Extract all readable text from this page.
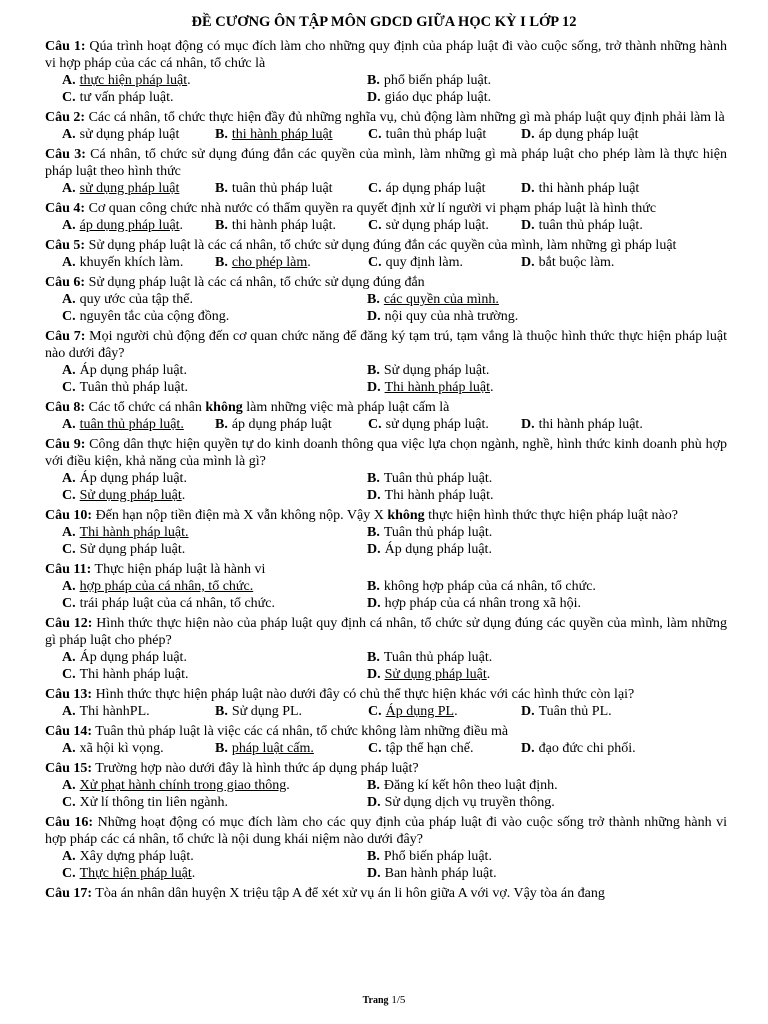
ĐỀ CƯƠNG ÔN TẬP MÔN GDCD GIỮA HỌC KỲ I LỚP 12
Câu 1: Qúa trình hoạt động có mục đích làm cho những quy định của pháp luật đi vào cuộc sống, trở thành những hành vi hợp pháp của các cá nhân, tổ chức là
A. thực hiện pháp luật.	B. phổ biến pháp luật.
C. tư vấn pháp luật.	D. giáo dục pháp luật.
Câu 2: Các cá nhân, tổ chức thực hiện đầy đủ những nghĩa vụ, chủ động làm những gì mà pháp luật quy định phải làm là
A. sử dụng pháp luật	B. thi hành pháp luật	C. tuân thủ pháp luật	D. áp dụng pháp luật
Câu 3: Cá nhân, tổ chức sử dụng đúng đắn các quyền của mình, làm những gì mà pháp luật cho phép làm là thực hiện pháp luật theo hình thức
A. sử dụng pháp luật	B. tuân thủ pháp luật	C. áp dụng pháp luật	D. thi hành pháp luật
Câu 4: Cơ quan công chức nhà nước có thẩm quyền ra quyết định xử lí người vi phạm pháp luật là hình thức
A. áp dụng pháp luật.	B. thi hành pháp luật.	C. sử dụng pháp luật.	D. tuân thủ pháp luật.
Câu 5: Sử dụng pháp luật là các cá nhân, tổ chức sử dụng đúng đắn các quyền của mình, làm những gì pháp luật
A. khuyến khích làm.	B. cho phép làm.	C. quy định làm.	D. bắt buộc làm.
Câu 6: Sử dụng pháp luật là các cá nhân, tổ chức sử dụng đúng đắn
A. quy ước của tập thể.	B. các quyền của mình.
C. nguyên tắc của cộng đồng.	D. nội quy của nhà trường.
Câu 7: Mọi người chủ động đến cơ quan chức năng để đăng ký tạm trú, tạm vắng là thuộc hình thức thực hiện pháp luật nào dưới đây?
A. Áp dụng pháp luật.	B. Sử dụng pháp luật.
C. Tuân thủ pháp luật.	D. Thi hành pháp luật.
Câu 8: Các tổ chức cá nhân không làm những việc mà pháp luật cấm là
A. tuân thủ pháp luật.	B. áp dụng pháp luật	C. sử dụng pháp luật.	D. thi hành pháp luật.
Câu 9: Công dân thực hiện quyền tự do kinh doanh thông qua việc lựa chọn ngành, nghề, hình thức kinh doanh phù hợp với điều kiện, khả năng của mình là gì?
A. Áp dụng pháp luật.	B. Tuân thủ pháp luật.
C. Sử dụng pháp luật.	D. Thi hành pháp luật.
Câu 10: Đến hạn nộp tiền điện mà X vẫn không nộp. Vậy X không thực hiện hình thức thực hiện pháp luật nào?
A. Thi hành pháp luật.	B. Tuân thủ pháp luật.
C. Sử dụng pháp luật.	D. Áp dụng pháp luật.
Câu 11: Thực hiện pháp luật là hành vi
A. hợp pháp của cá nhân, tổ chức.	B. không hợp pháp của cá nhân, tổ chức.
C. trái pháp luật của cá nhân, tổ chức.	D. hợp pháp của cá nhân trong xã hội.
Câu 12: Hình thức thực hiện nào của pháp luật quy định cá nhân, tổ chức sử dụng đúng các quyền của mình, làm những gì pháp luật cho phép?
A. Áp dụng pháp luật.	B. Tuân thủ pháp luật.
C. Thi hành pháp luật.	D. Sử dụng pháp luật.
Câu 13: Hình thức thực hiện pháp luật nào dưới đây có chủ thể thực hiện khác với các hình thức còn lại?
A. Thi hànhPL.	B. Sử dụng PL.	C. Áp dụng PL.	D. Tuân thủ PL.
Câu 14: Tuân thủ pháp luật là việc các cá nhân, tổ chức không làm những điều mà
A. xã hội kì vọng.	B. pháp luật cấm.	C. tập thể hạn chế.	D. đạo đức chi phối.
Câu 15: Trường hợp nào dưới đây là hình thức áp dụng pháp luật?
A. Xử phạt hành chính trong giao thông.	B. Đăng kí kết hôn theo luật định.
C. Xử lí thông tin liên ngành.	D. Sử dụng dịch vụ truyền thông.
Câu 16: Những hoạt động có mục đích làm cho các quy định của pháp luật đi vào cuộc sống trở thành những hành vi hợp pháp các cá nhân, tổ chức là nội dung khái niệm nào dưới đây?
A. Xây dựng pháp luật.	B. Phổ biến pháp luật.
C. Thực hiện pháp luật.	D. Ban hành pháp luật.
Câu 17: Tòa án nhân dân huyện X triệu tập A để xét xử vụ án li hôn giữa A với vợ. Vậy tòa án đang
Trang 1/5
